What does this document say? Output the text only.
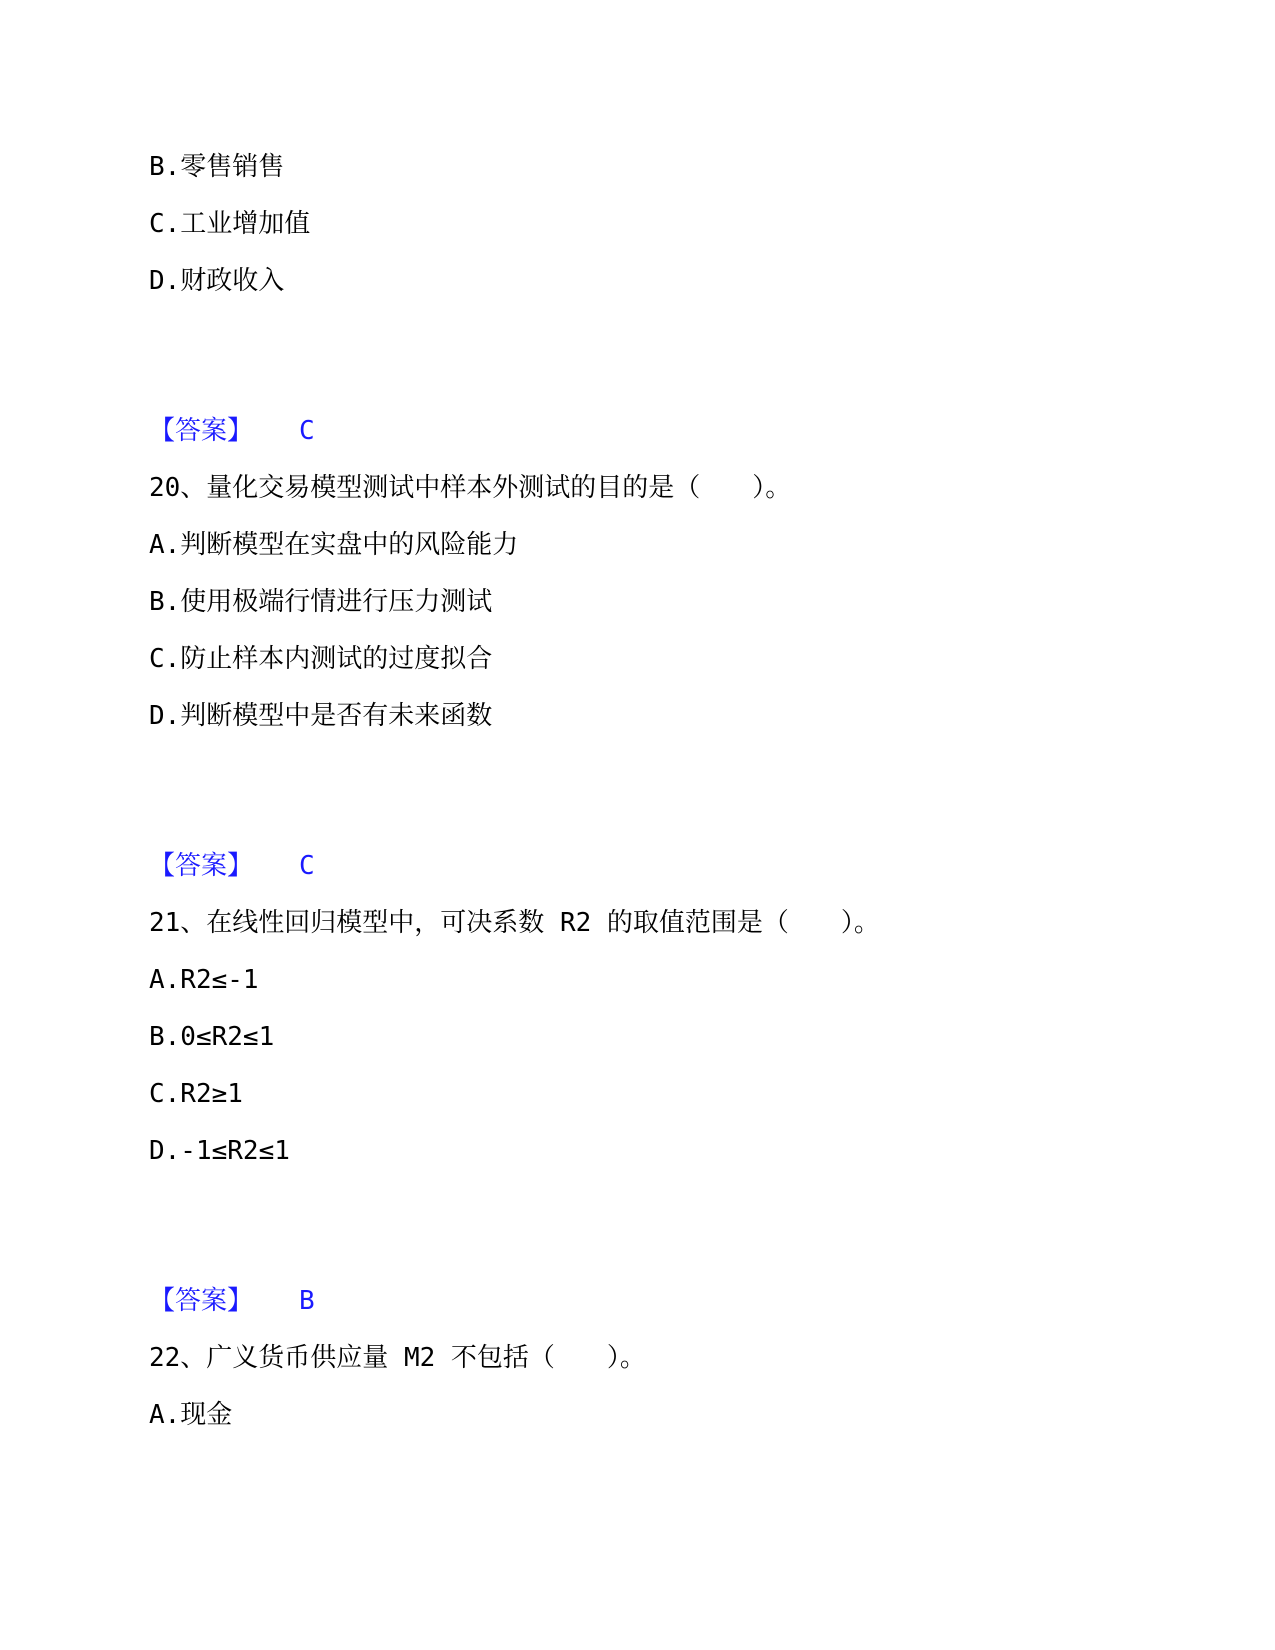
B.零售销售
C.工业增加值
D.财政收入
【答案】 C
20、量化交易模型测试中样本外测试的目的是（　　）。
A.判断模型在实盘中的风险能力
B.使用极端行情进行压力测试
C.防止样本内测试的过度拟合
D.判断模型中是否有未来函数
【答案】 C
21、在线性回归模型中，可决系数 R2 的取值范围是（　　）。
A.R2≤-1
B.0≤R2≤1
C.R2≥1
D.-1≤R2≤1
【答案】 B
22、广义货币供应量 M2 不包括（　　）。
A.现金
